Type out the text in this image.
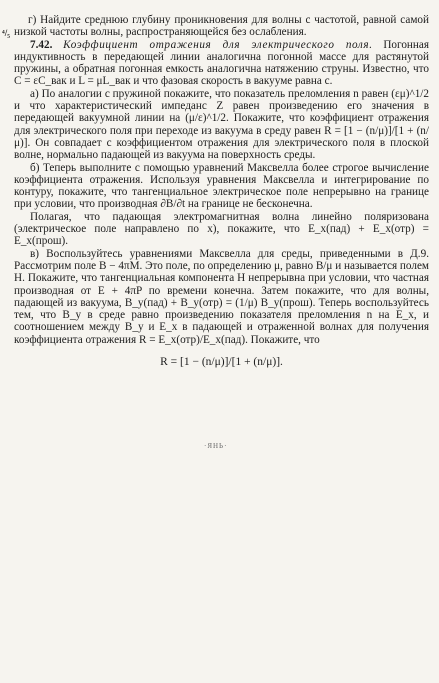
⁴/₅

г) Найдите среднюю глубину проникновения для волны с частотой, равной самой низкой частоты волны, распространяющейся без ослабления.

7.42. Коэффициент отражения для электрического поля. Погонная индуктивность в передающей линии аналогична погонной массе для растянутой пружины, а обратная погонная емкость аналогична натяжению струны. Известно, что C = εC_вак и L = μL_вак и что фазовая скорость в вакууме равна c.

а) По аналогии с пружиной покажите, что показатель преломления n равен (εμ)^1/2 и что характеристический импеданс Z равен произведению его значения в передающей вакуумной линии на (μ/ε)^1/2. Покажите, что коэффициент отражения для электрического поля при переходе из вакуума в среду равен R = [1 − (n/μ)]/[1 + (n/μ)]. Он совпадает с коэффициентом отражения для электрического поля в плоской волне, нормально падающей из вакуума на поверхность среды.

б) Теперь выполните с помощью уравнений Максвелла более строгое вычисление коэффициента отражения. Используя уравнения Максвелла и интегрирование по контуру, покажите, что тангенциальное электрическое поле непрерывно на границе при условии, что производная ∂B/∂t на границе не бесконечна.

Полагая, что падающая электромагнитная волна линейно поляризована (электрическое поле направлено по x), покажите, что E_x(пад) + E_x(отр) = E_x(прош).

в) Воспользуйтесь уравнениями Максвелла для среды, приведенными в Д.9. Рассмотрим поле B − 4πM. Это поле, по определению μ, равно B/μ и называется полем H. Покажите, что тангенциальная компонента H непрерывна при условии, что частная производная от E + 4πP по времени конечна. Затем покажите, что для волны, падающей из вакуума, B_y(пад) + B_y(отр) = (1/μ) B_y(прош). Теперь воспользуйтесь тем, что B_y в среде равно произведению показателя преломления n на E_x, и соотношением между B_y и E_x в падающей и отраженной волнах для получения коэффициента отражения R = E_x(отр)/E_x(пад). Покажите, что

R = [1 − (n/μ)]/[1 + (n/μ)].

·ЯНЬ·
